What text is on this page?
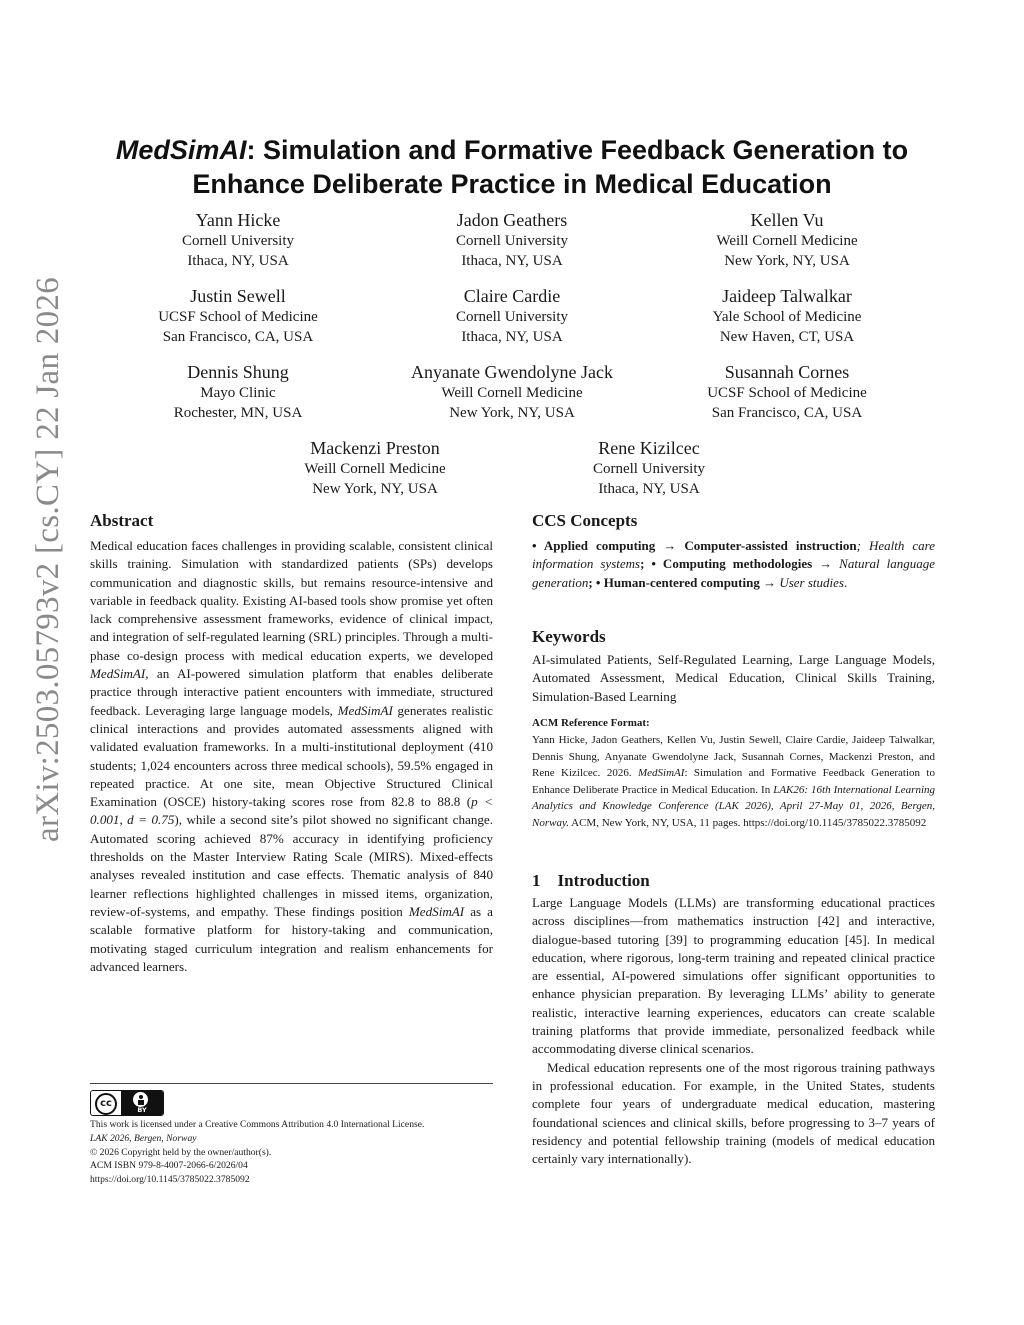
arXiv:2503.05793v2 [cs.CY] 22 Jan 2026
MedSimAI: Simulation and Formative Feedback Generation to
Enhance Deliberate Practice in Medical Education
Yann Hicke
Cornell University
Ithaca, NY, USA
Jadon Geathers
Cornell University
Ithaca, NY, USA
Kellen Vu
Weill Cornell Medicine
New York, NY, USA
Justin Sewell
UCSF School of Medicine
San Francisco, CA, USA
Claire Cardie
Cornell University
Ithaca, NY, USA
Jaideep Talwalkar
Yale School of Medicine
New Haven, CT, USA
Dennis Shung
Mayo Clinic
Rochester, MN, USA
Anyanate Gwendolyne Jack
Weill Cornell Medicine
New York, NY, USA
Susannah Cornes
UCSF School of Medicine
San Francisco, CA, USA
Mackenzi Preston
Weill Cornell Medicine
New York, NY, USA
Rene Kizilcec
Cornell University
Ithaca, NY, USA
Abstract

Medical education faces challenges in providing scalable, consistent clinical skills training. Simulation with standardized patients (SPs) develops communication and diagnostic skills, but remains resource-intensive and variable in feedback quality. Existing AI-based tools show promise yet often lack comprehensive assessment frameworks, evidence of clinical impact, and integration of self-regulated learning (SRL) principles. Through a multi-phase co-design process with medical education experts, we developed MedSimAI, an AI-powered simulation platform that enables deliberate practice through interactive patient encounters with immediate, structured feedback. Leveraging large language models, MedSimAI generates realistic clinical interactions and provides automated assessments aligned with validated evaluation frameworks. In a multi-institutional deployment (410 students; 1,024 encounters across three medical schools), 59.5% engaged in repeated practice. At one site, mean Objective Structured Clinical Examination (OSCE) history-taking scores rose from 82.8 to 88.8 (p < 0.001, d = 0.75), while a second site’s pilot showed no significant change. Automated scoring achieved 87% accuracy in identifying proficiency thresholds on the Master Interview Rating Scale (MIRS). Mixed-effects analyses revealed institution and case effects. Thematic analysis of 840 learner reflections highlighted challenges in missed items, organization, review-of-systems, and empathy. These findings position MedSimAI as a scalable formative platform for history-taking and communication, motivating staged curriculum integration and realism enhancements for advanced learners.

cc
BY
This work is licensed under a Creative Commons Attribution 4.0 International License.
LAK 2026, Bergen, Norway
© 2026 Copyright held by the owner/author(s).
ACM ISBN 979-8-4007-2066-6/2026/04
https://doi.org/10.1145/3785022.3785092
CCS Concepts
• Applied computing → Computer-assisted instruction; Health care information systems; • Computing methodologies → Natural language generation; • Human-centered computing → User studies.
Keywords
AI-simulated Patients, Self-Regulated Learning, Large Language Models, Automated Assessment, Medical Education, Clinical Skills Training, Simulation-Based Learning
ACM Reference Format:
Yann Hicke, Jadon Geathers, Kellen Vu, Justin Sewell, Claire Cardie, Jaideep Talwalkar, Dennis Shung, Anyanate Gwendolyne Jack, Susannah Cornes, Mackenzi Preston, and Rene Kizilcec. 2026. MedSimAI: Simulation and Formative Feedback Generation to Enhance Deliberate Practice in Medical Education. In LAK26: 16th International Learning Analytics and Knowledge Conference (LAK 2026), April 27-May 01, 2026, Bergen, Norway. ACM, New York, NY, USA, 11 pages. https://doi.org/10.1145/3785022.3785092
1    Introduction

Large Language Models (LLMs) are transforming educational practices across disciplines—from mathematics instruction [42] and interactive, dialogue-based tutoring [39] to programming education [45]. In medical education, where rigorous, long-term training and repeated clinical practice are essential, AI-powered simulations offer significant opportunities to enhance physician preparation. By leveraging LLMs’ ability to generate realistic, interactive learning experiences, educators can create scalable training platforms that provide immediate, personalized feedback while accommodating diverse clinical scenarios.

Medical education represents one of the most rigorous training pathways in professional education. For example, in the United States, students complete four years of undergraduate medical education, mastering foundational sciences and clinical skills, before progressing to 3–7 years of residency and potential fellowship training (models of medical education certainly vary internationally).
